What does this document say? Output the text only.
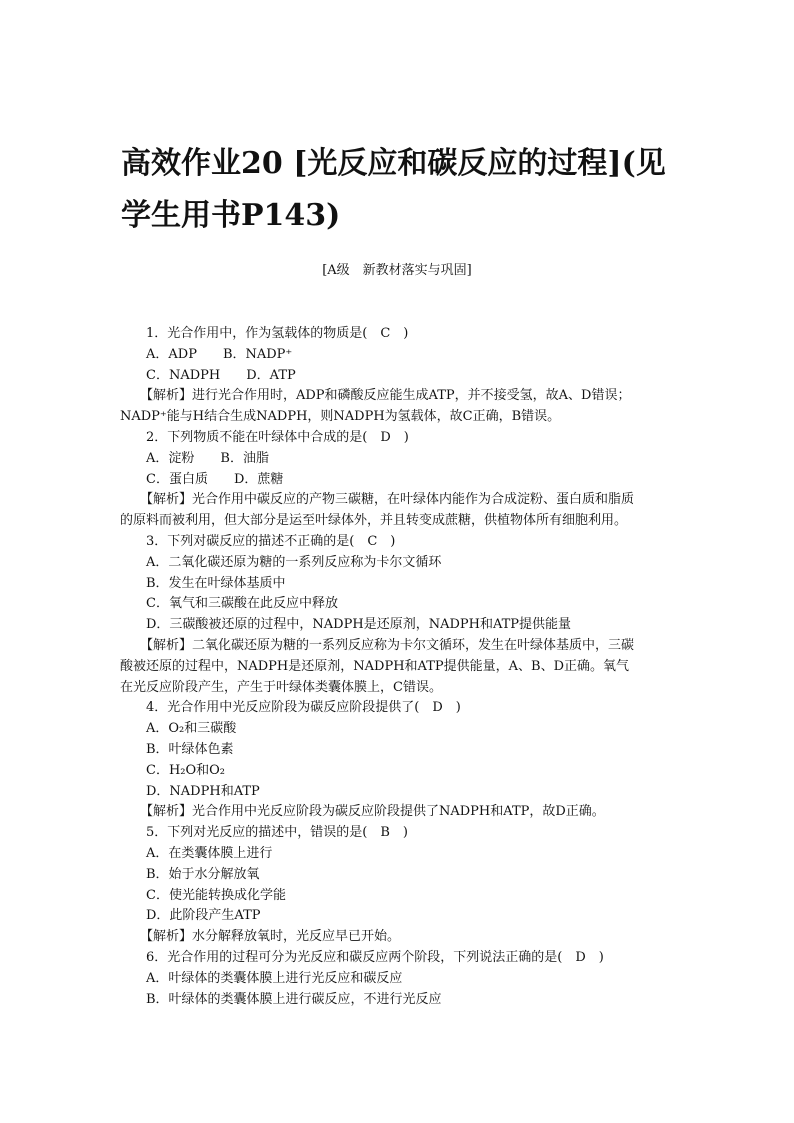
高效作业20 [光反应和碳反应的过程](见学生用书P143)
[A级　新教材落实与巩固]

1．光合作用中，作为氢载体的物质是(　C　)

A．ADP　　B．NADP⁺

C．NADPH　　D．ATP

【解析】进行光合作用时，ADP和磷酸反应能生成ATP，并不接受氢，故A、D错误；

NADP⁺能与H结合生成NADPH，则NADPH为氢载体，故C正确，B错误。

2．下列物质不能在叶绿体中合成的是(　D　)

A．淀粉　　B．油脂

C．蛋白质　　D．蔗糖

【解析】光合作用中碳反应的产物三碳糖，在叶绿体内能作为合成淀粉、蛋白质和脂质

的原料而被利用，但大部分是运至叶绿体外，并且转变成蔗糖，供植物体所有细胞利用。

3．下列对碳反应的描述不正确的是(　C　)

A．二氧化碳还原为糖的一系列反应称为卡尔文循环

B．发生在叶绿体基质中

C．氧气和三碳酸在此反应中释放

D．三碳酸被还原的过程中，NADPH是还原剂，NADPH和ATP提供能量

【解析】二氧化碳还原为糖的一系列反应称为卡尔文循环，发生在叶绿体基质中，三碳

酸被还原的过程中，NADPH是还原剂，NADPH和ATP提供能量，A、B、D正确。氧气

在光反应阶段产生，产生于叶绿体类囊体膜上，C错误。

4．光合作用中光反应阶段为碳反应阶段提供了(　D　)

A．O₂和三碳酸

B．叶绿体色素

C．H₂O和O₂

D．NADPH和ATP

【解析】光合作用中光反应阶段为碳反应阶段提供了NADPH和ATP，故D正确。

5．下列对光反应的描述中，错误的是(　B　)

A．在类囊体膜上进行

B．始于水分解放氧

C．使光能转换成化学能

D．此阶段产生ATP

【解析】水分解释放氧时，光反应早已开始。

6．光合作用的过程可分为光反应和碳反应两个阶段，下列说法正确的是(　D　)

A．叶绿体的类囊体膜上进行光反应和碳反应

B．叶绿体的类囊体膜上进行碳反应，不进行光反应
